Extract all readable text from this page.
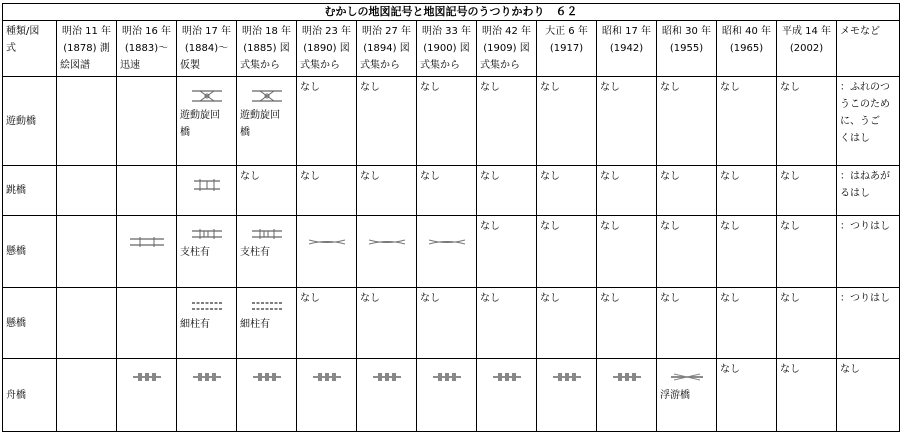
むかしの地図記号と地図記号のうつりかわり　６２															
種類/図
式	明治 11 年
(1878) 測
絵図譜	明治 16 年
(1883)～
迅速	明治 17 年
(1884)～
仮製	明治 18 年
(1885) 図
式集から	明治 23 年
(1890) 図
式集から	明治 27 年
(1894) 図
式集から	明治 33 年
(1900) 図
式集から	明治 42 年
(1909) 図
式集から	大正 6 年
(1917)	昭和 17 年
(1942)	昭和 30 年
(1955)	昭和 40 年
(1965)	平成 14 年
(2002)	メモなど	
遊動橋			遊動旋回
橋	遊動旋回
橋	なし	なし	なし	なし	なし	なし	なし	なし	なし	：ふれのつ
うこのため
に、うご
くはし	
跳橋				なし	なし	なし	なし	なし	なし	なし	なし	なし	なし	：はねあが
るはし	
懸橋			支柱有	支柱有				なし	なし	なし	なし	なし	なし	：つりはし	
懸橋			細柱有	細柱有	なし	なし	なし	なし	なし	なし	なし	なし	なし	：つりはし	
舟橋											浮游橋	なし	なし	なし	
